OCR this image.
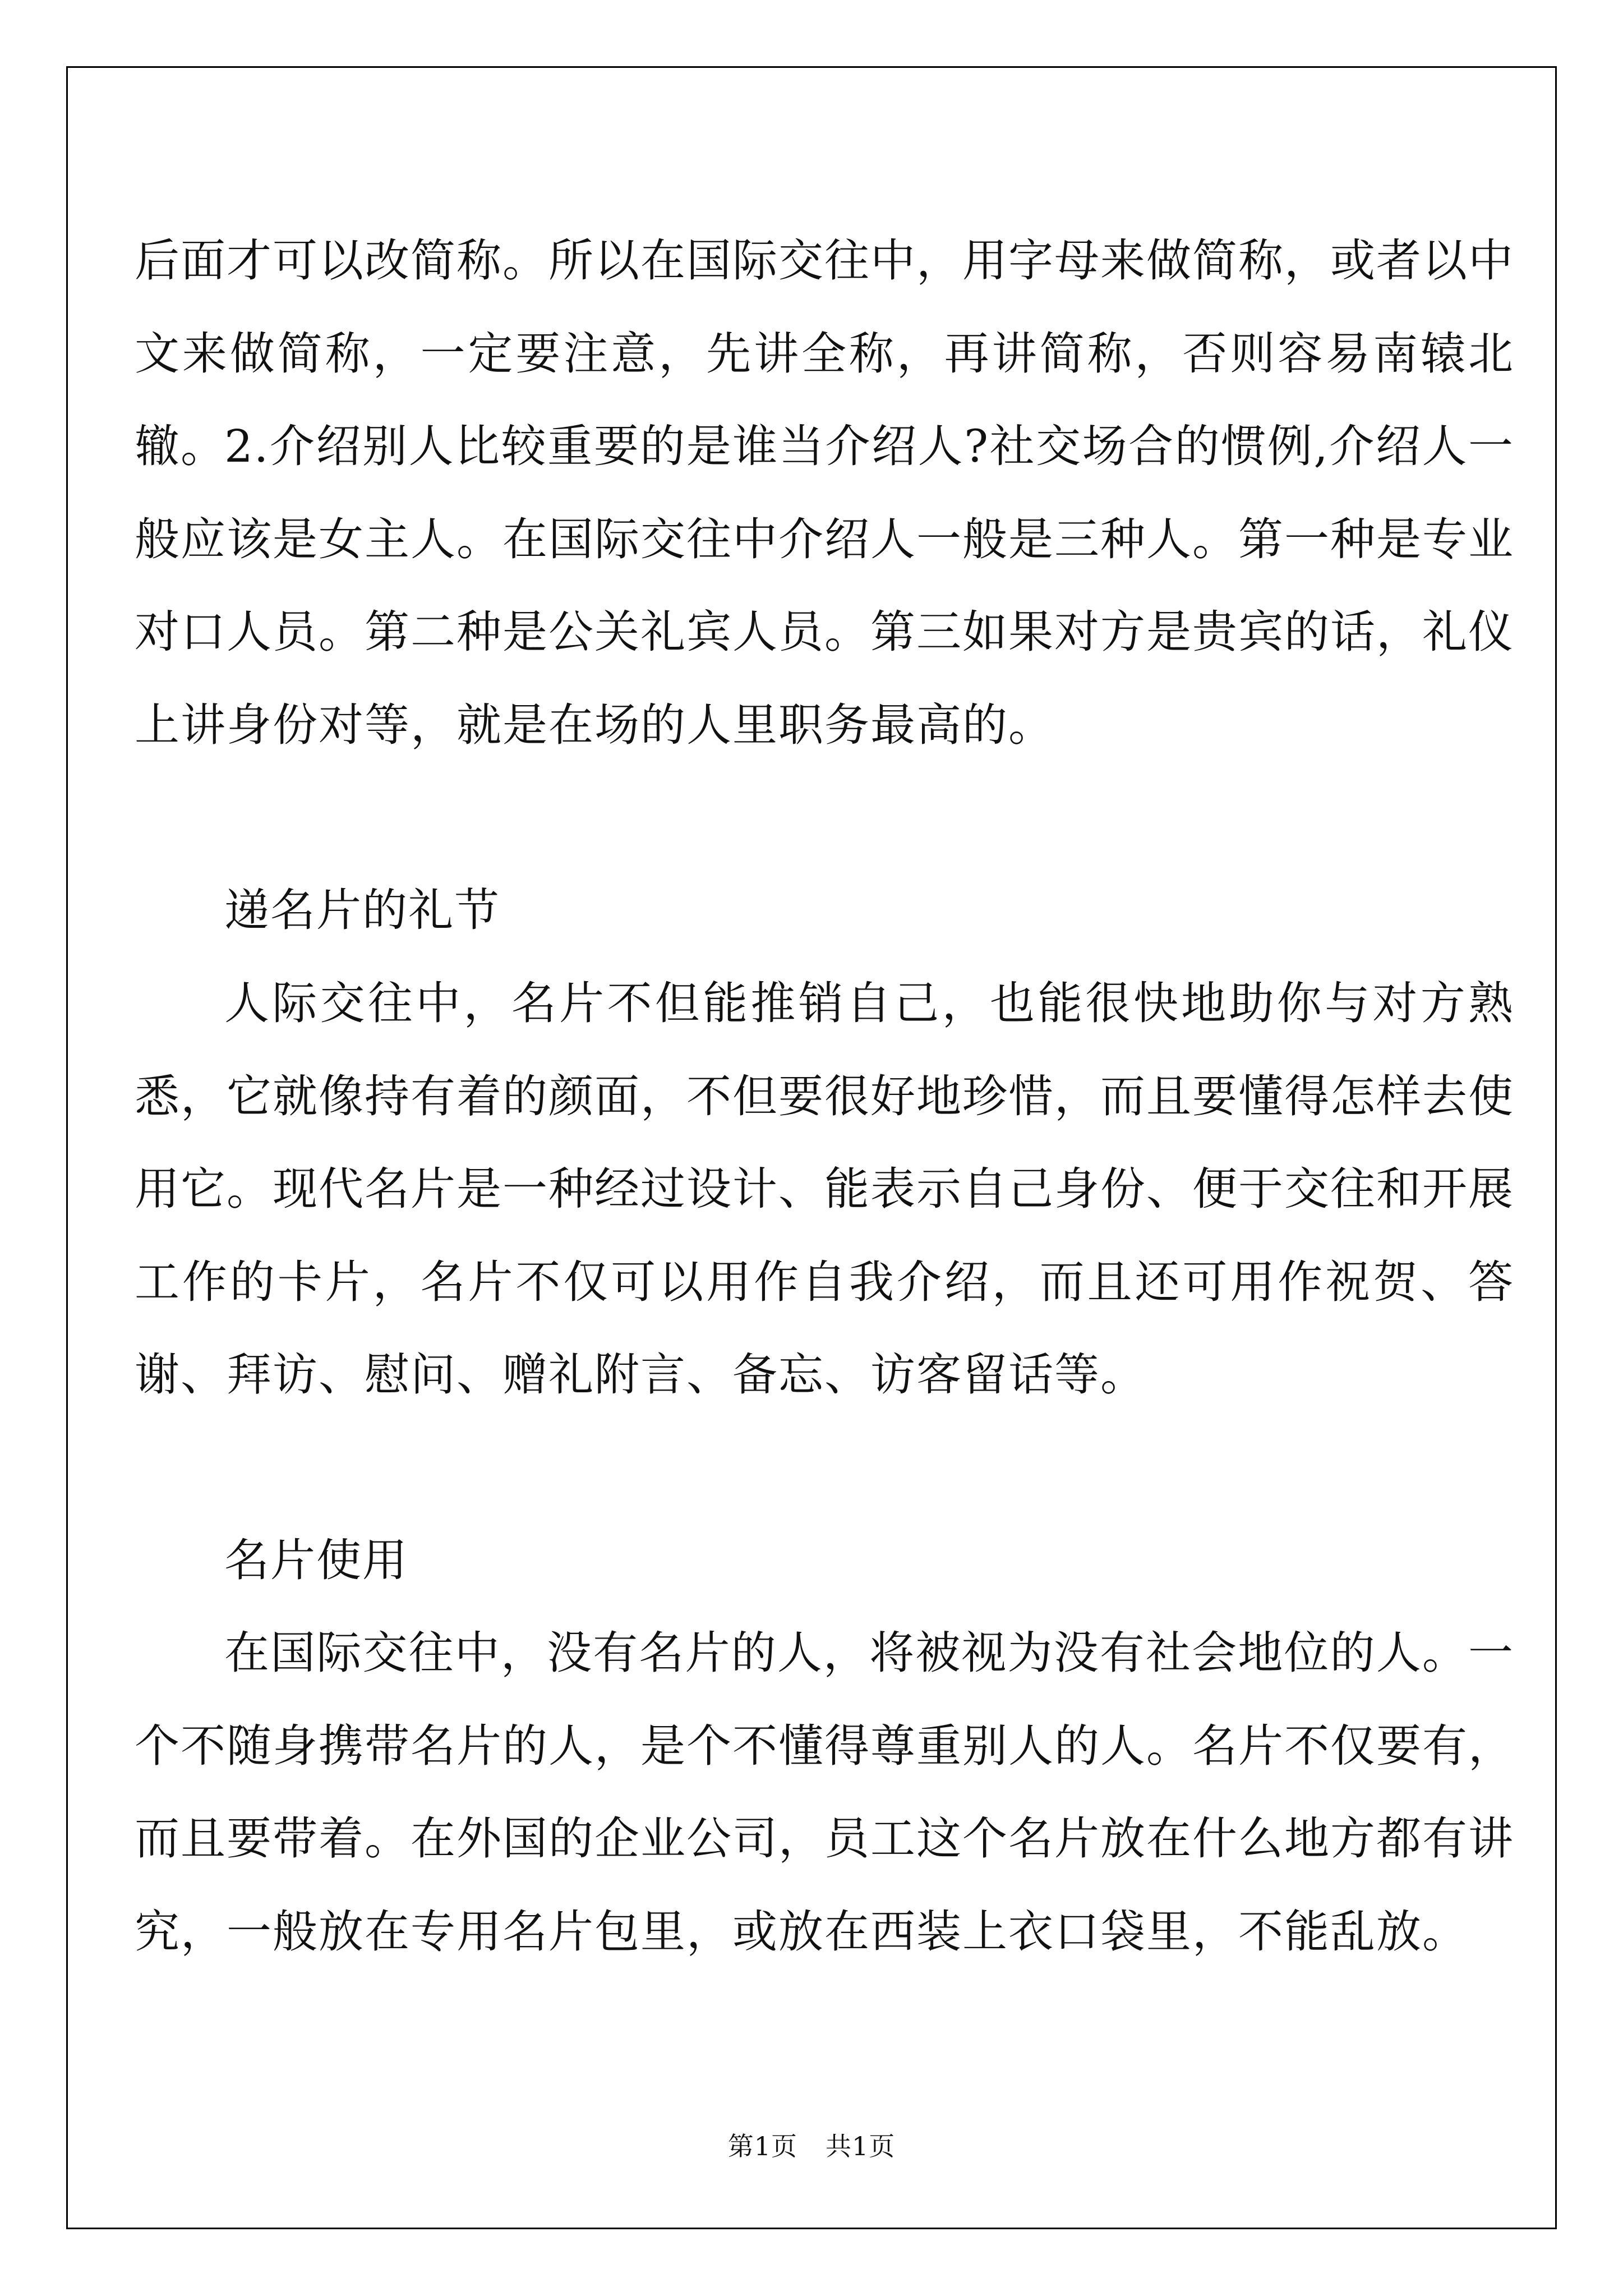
后面才可以改简称。所以在国际交往中，用字母来做简称，或者以中文来做简称，一定要注意，先讲全称，再讲简称，否则容易南辕北辙。

2.介绍别人比较重要的是谁当介绍人?社交场合的惯例,介绍人一般应该是女主人。在国际交往中介绍人一般是三种人。第一种是专业对口人员。第二种是公关礼宾人员。第三如果对方是贵宾的话，礼仪上讲身份对等，就是在场的人里职务最高的。

递名片的礼节

人际交往中，名片不但能推销自己，也能很快地助你与对方熟悉，它就像持有着的颜面，不但要很好地珍惜，而且要懂得怎样去使用它。现代名片是一种经过设计、能表示自己身份、便于交往和开展工作的卡片，名片不仅可以用作自我介绍，而且还可用作祝贺、答谢、拜访、慰问、赠礼附言、备忘、访客留话等。

名片使用

在国际交往中，没有名片的人，将被视为没有社会地位的人。一个不随身携带名片的人，是个不懂得尊重别人的人。名片不仅要有，而且要带着。在外国的企业公司，员工这个名片放在什么地方都有讲究，一般放在专用名片包里，或放在西装上衣口袋里，不能乱放。

第1页 共1页
